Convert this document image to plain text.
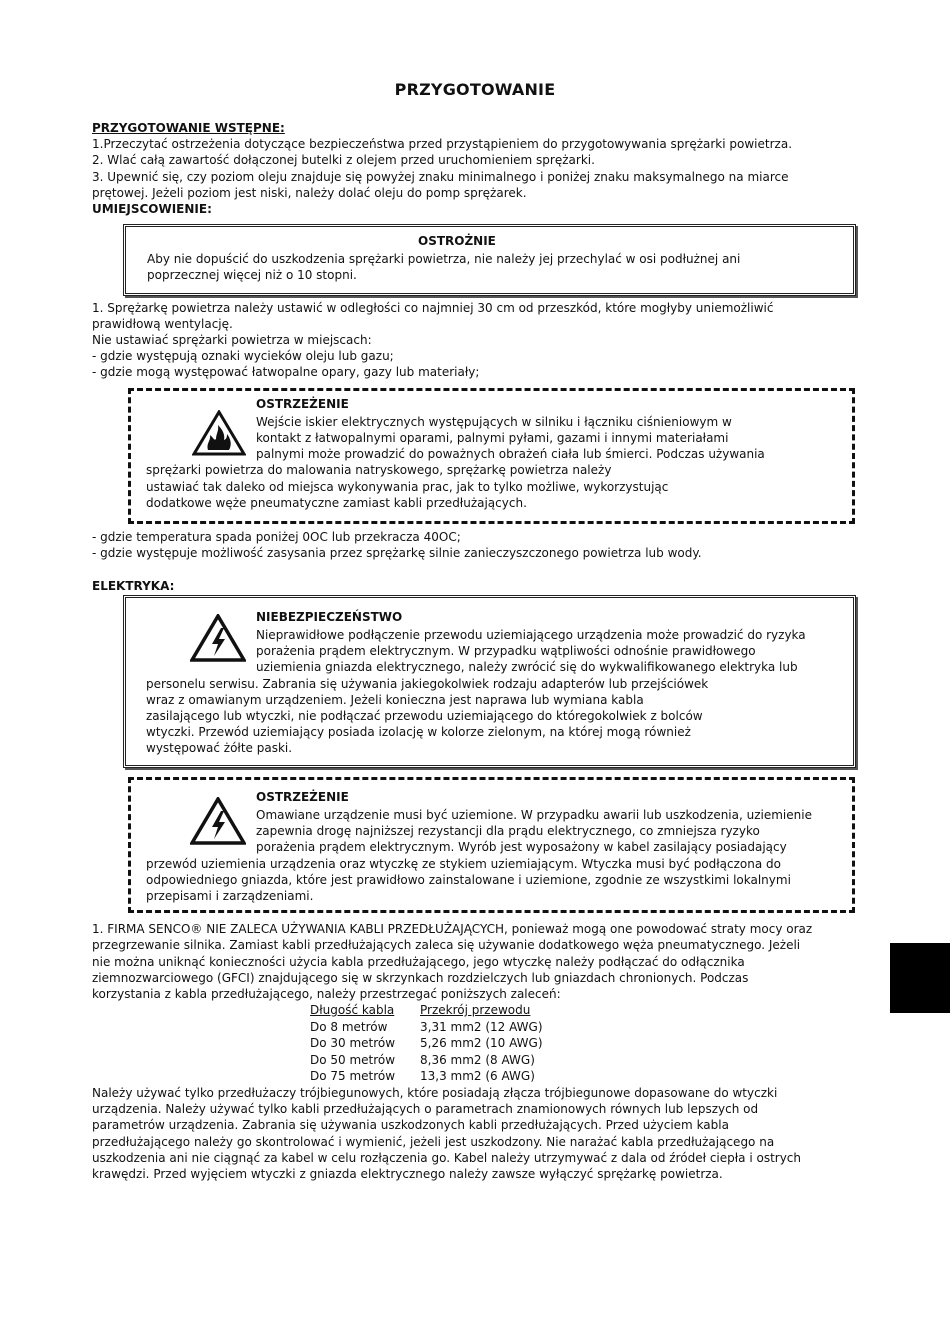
PRZYGOTOWANIE
PRZYGOTOWANIE WSTĘPNE:
1.Przeczytać ostrzeżenia dotyczące bezpieczeństwa przed przystąpieniem do przygotowywania sprężarki powietrza.
2. Wlać całą zawartość dołączonej butelki z olejem przed uruchomieniem sprężarki.
3. Upewnić się, czy poziom oleju znajduje się powyżej znaku minimalnego i poniżej znaku maksymalnego na miarce
prętowej. Jeżeli poziom jest niski, należy dolać oleju do pomp sprężarek.
UMIEJSCOWIENIE:
OSTROŻNIE
Aby nie dopuścić do uszkodzenia sprężarki powietrza, nie należy jej przechylać w osi podłużnej ani
poprzecznej więcej niż o 10 stopni.
1. Sprężarkę powietrza należy ustawić w odległości co najmniej 30 cm od przeszkód, które mogłyby uniemożliwić
prawidłową wentylację.
Nie ustawiać sprężarki powietrza w miejscach:
- gdzie występują oznaki wycieków oleju lub gazu;
- gdzie mogą występować łatwopalne opary, gazy lub materiały;
OSTRZEŻENIE
Wejście iskier elektrycznych występujących w silniku i łączniku ciśnieniowym w
kontakt z łatwopalnymi oparami, palnymi pyłami, gazami i innymi materiałami
palnymi może prowadzić do poważnych obrażeń ciała lub śmierci. Podczas używania
sprężarki powietrza do malowania natryskowego, sprężarkę powietrza należy
ustawiać tak daleko od miejsca wykonywania prac, jak to tylko możliwe, wykorzystując
dodatkowe węże pneumatyczne zamiast kabli przedłużających.
- gdzie temperatura spada poniżej 0OC lub przekracza 40OC;
- gdzie występuje możliwość zasysania przez sprężarkę silnie zanieczyszczonego powietrza lub wody.
ELEKTRYKA:
NIEBEZPIECZEŃSTWO
Nieprawidłowe podłączenie przewodu uziemiającego urządzenia może prowadzić do ryzyka
porażenia prądem elektrycznym. W przypadku wątpliwości odnośnie prawidłowego
uziemienia gniazda elektrycznego, należy zwrócić się do wykwalifikowanego elektryka lub
personelu serwisu. Zabrania się używania jakiegokolwiek rodzaju adapterów lub przejściówek
wraz z omawianym urządzeniem. Jeżeli konieczna jest naprawa lub wymiana kabla
zasilającego lub wtyczki, nie podłączać przewodu uziemiającego do któregokolwiek z bolców
wtyczki. Przewód uziemiający posiada izolację w kolorze zielonym, na której mogą również
występować żółte paski.
OSTRZEŻENIE
Omawiane urządzenie musi być uziemione. W przypadku awarii lub uszkodzenia, uziemienie
zapewnia drogę najniższej rezystancji dla prądu elektrycznego, co zmniejsza ryzyko
porażenia prądem elektrycznym. Wyrób jest wyposażony w kabel zasilający posiadający
przewód uziemienia urządzenia oraz wtyczkę ze stykiem uziemiającym. Wtyczka musi być podłączona do
odpowiedniego gniazda, które jest prawidłowo zainstalowane i uziemione, zgodnie ze wszystkimi lokalnymi
przepisami i zarządzeniami.
1. FIRMA SENCO® NIE ZALECA UŻYWANIA KABLI PRZEDŁUŻAJĄCYCH, ponieważ mogą one powodować straty mocy oraz
przegrzewanie silnika. Zamiast kabli przedłużających zaleca się używanie dodatkowego węża pneumatycznego. Jeżeli
nie można uniknąć konieczności użycia kabla przedłużającego, jego wtyczkę należy podłączać do odłącznika
ziemnozwarciowego (GFCI) znajdującego się w skrzynkach rozdzielczych lub gniazdach chronionych. Podczas
korzystania z kabla przedłużającego, należy przestrzegać poniższych zaleceń:
Długość kabla Przekrój przewodu
Do 8 metrów	3,31 mm2 (12 AWG)
Do 30 metrów 5,26 mm2 (10 AWG)
Do 50 metrów 8,36 mm2 (8 AWG)
Do 75 metrów 13,3 mm2 (6 AWG)
Należy używać tylko przedłużaczy trójbiegunowych, które posiadają złącza trójbiegunowe dopasowane do wtyczki
urządzenia. Należy używać tylko kabli przedłużających o parametrach znamionowych równych lub lepszych od
parametrów urządzenia. Zabrania się używania uszkodzonych kabli przedłużających. Przed użyciem kabla
przedłużającego należy go skontrolować i wymienić, jeżeli jest uszkodzony. Nie narażać kabla przedłużającego na
uszkodzenia ani nie ciągnąć za kabel w celu rozłączenia go. Kabel należy utrzymywać z dala od źródeł ciepła i ostrych
krawędzi. Przed wyjęciem wtyczki z gniazda elektrycznego należy zawsze wyłączyć sprężarkę powietrza.
